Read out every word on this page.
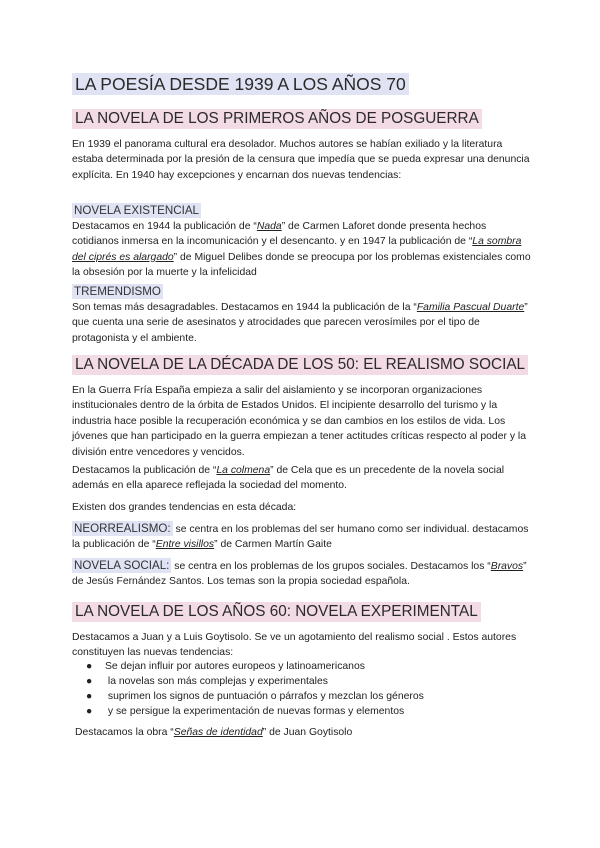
LA POESÍA DESDE 1939 A LOS AÑOS 70
LA NOVELA DE LOS PRIMEROS AÑOS DE POSGUERRA

En 1939 el panorama cultural era desolador. Muchos autores se habían exiliado y la literatura estaba determinada por la presión de la censura que impedía que se pueda expresar una denuncia explícita. En 1940 hay excepciones y encarnan dos nuevas tendencias:

NOVELA EXISTENCIAL

Destacamos en 1944 la publicación de “Nada” de Carmen Laforet donde presenta hechos cotidianos inmersa en la incomunicación y el desencanto. y en 1947 la publicación de “La sombra del ciprés es alargado” de Miguel Delibes donde se preocupa por los problemas existenciales como la obsesión por la muerte y la infelicidad

TREMENDISMO

Son temas más desagradables. Destacamos en 1944 la publicación de la “Familia Pascual Duarte” que cuenta una serie de asesinatos y atrocidades que parecen verosímiles por el tipo de protagonista y el ambiente.

LA NOVELA DE LA DÉCADA DE LOS 50: EL REALISMO SOCIAL

En la Guerra Fría España empieza a salir del aislamiento y se incorporan organizaciones institucionales dentro de la órbita de Estados Unidos. El incipiente desarrollo del turismo y la industria hace posible la recuperación económica y se dan cambios en los estilos de vida. Los jóvenes que han participado en la guerra empiezan a tener actitudes críticas respecto al poder y la división entre vencedores y vencidos.

Destacamos la publicación de “La colmena” de Cela que es un precedente de la novela social además en ella aparece reflejada la sociedad del momento.

Existen dos grandes tendencias en esta década:

NEORREALISMO: se centra en los problemas del ser humano como ser individual. destacamos la publicación de “Entre visillos” de Carmen Martín Gaite

NOVELA SOCIAL: se centra en los problemas de los grupos sociales. Destacamos los “Bravos” de Jesús Fernández Santos. Los temas son la propia sociedad española.

LA NOVELA DE LOS AÑOS 60: NOVELA EXPERIMENTAL

Destacamos a Juan y a Luis Goytisolo. Se ve un agotamiento del realismo social . Estos autores constituyen las nuevas tendencias:

● Se dejan influir por autores europeos y latinoamericanos
● la novelas son más complejas y experimentales
● suprimen los signos de puntuación o párrafos y mezclan los géneros
● y se persigue la experimentación de nuevas formas y elementos

Destacamos la obra “Señas de identidad” de Juan Goytisolo
